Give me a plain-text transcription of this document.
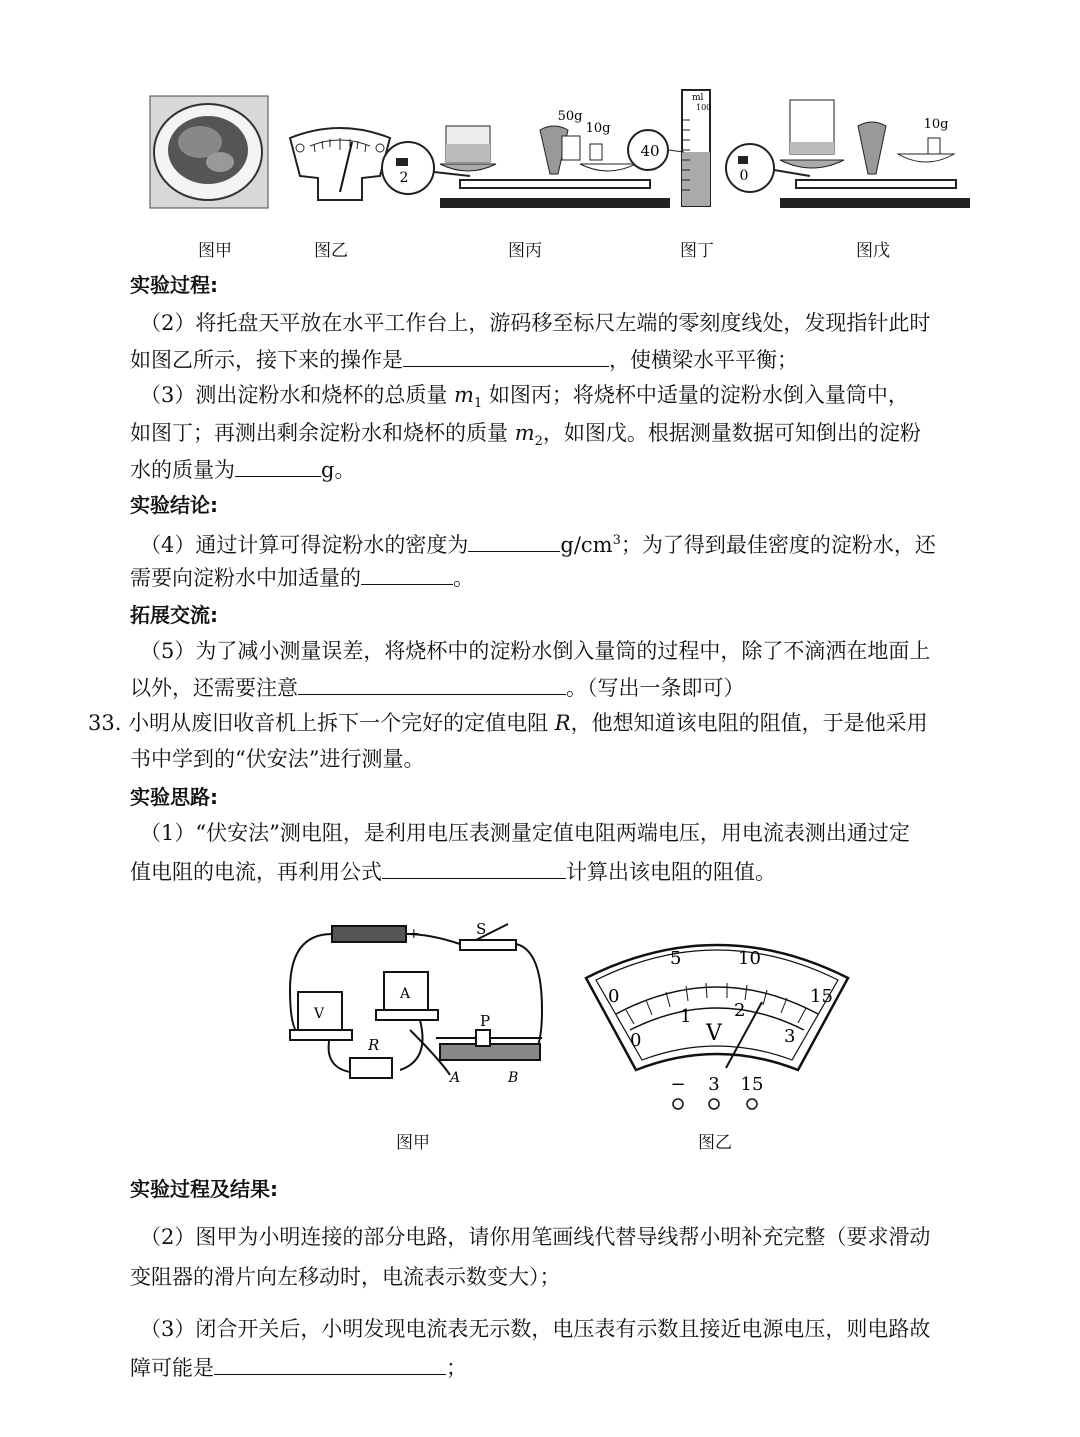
2
50g
10g
ml
100
40
0
10g
图甲	图乙	图丙	图丁	图戊
实验过程:
（2）将托盘天平放在水平工作台上，游码移至标尺左端的零刻度线处，发现指针此时
如图乙所示，接下来的操作是	，使横梁水平平衡；
（3）测出淀粉水和烧杯的总质量 $m_1$ 如图丙；将烧杯中适量的淀粉水倒入量筒中，
如图丁；再测出剩余淀粉水和烧杯的质量 $m_2$，如图戊。根据测量数据可知倒出的淀粉
水的质量为	g。
实验结论:
（4）通过计算可得淀粉水的密度为	$g/cm^3$；为了得到最佳密度的淀粉水，还
需要向淀粉水中加适量的	。
拓展交流:
（5）为了减小测量误差，将烧杯中的淀粉水倒入量筒的过程中，除了不滴洒在地面上
以外，还需要注意	。（写出一条即可）
33. 小明从废旧收音机上拆下一个完好的定值电阻 R，他想知道该电阻的阻值，于是他采用
书中学到的“伏安法”进行测量。
实验思路:
（1）“伏安法”测电阻，是利用电压表测量定值电阻两端电压，用电流表测出通过定
值电阻的电流，再利用公式	计算出该电阻的阻值。
-	+	S
V
A
R
P
A	B
0
5	10
15
0
1 2
3
V
− 3 15
图甲	图乙
实验过程及结果:
（2）图甲为小明连接的部分电路，请你用笔画线代替导线帮小明补充完整（要求滑动
变阻器的滑片向左移动时，电流表示数变大）；
（3）闭合开关后，小明发现电流表无示数，电压表有示数且接近电源电压，则电路故
障可能是	；
